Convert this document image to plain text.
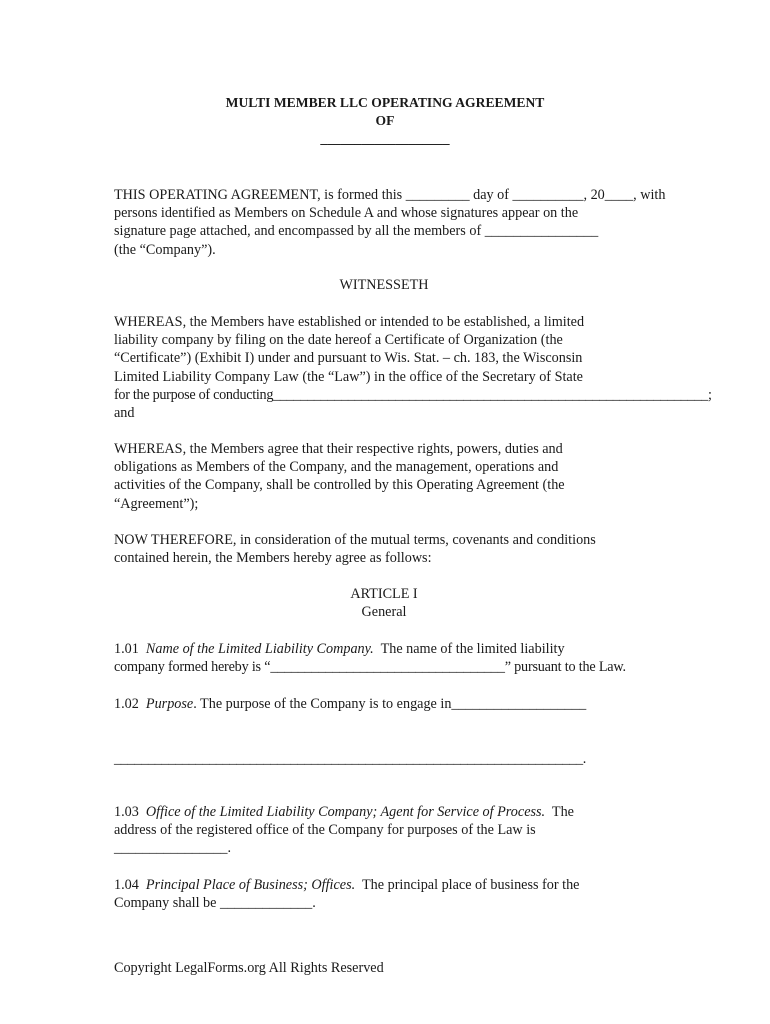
MULTI MEMBER LLC OPERATING AGREEMENT
OF
___________________
THIS OPERATING AGREEMENT, is formed this _________ day of __________, 20____, with
persons identified as Members on Schedule A and whose signatures appear on the
signature page attached, and encompassed by all the members of ________________
(the “Company”).
WITNESSETH
WHEREAS, the Members have established or intended to be established, a limited
liability company by filing on the date hereof a Certificate of Organization (the
“Certificate”) (Exhibit I) under and pursuant to Wis. Stat. – ch. 183, the Wisconsin
Limited Liability Company Law (the “Law”) in the office of the Secretary of State
for the purpose of conducting________________________________________________________________;
and
WHEREAS, the Members agree that their respective rights, powers, duties and
obligations as Members of the Company, and the management, operations and
activities of the Company, shall be controlled by this Operating Agreement (the
“Agreement”);
NOW THEREFORE, in consideration of the mutual terms, covenants and conditions
contained herein, the Members hereby agree as follows:
ARTICLE I
General
1.01 Name of the Limited Liability Company. The name of the limited liability
company formed hereby is “__________________________________” pursuant to the Law.
1.02 Purpose. The purpose of the Company is to engage in___________________
_____________________________________________________________________.
1.03 Office of the Limited Liability Company; Agent for Service of Process. The
address of the registered office of the Company for purposes of the Law is
________________.
1.04 Principal Place of Business; Offices. The principal place of business for the
Company shall be _____________.
Copyright LegalForms.org All Rights Reserved
